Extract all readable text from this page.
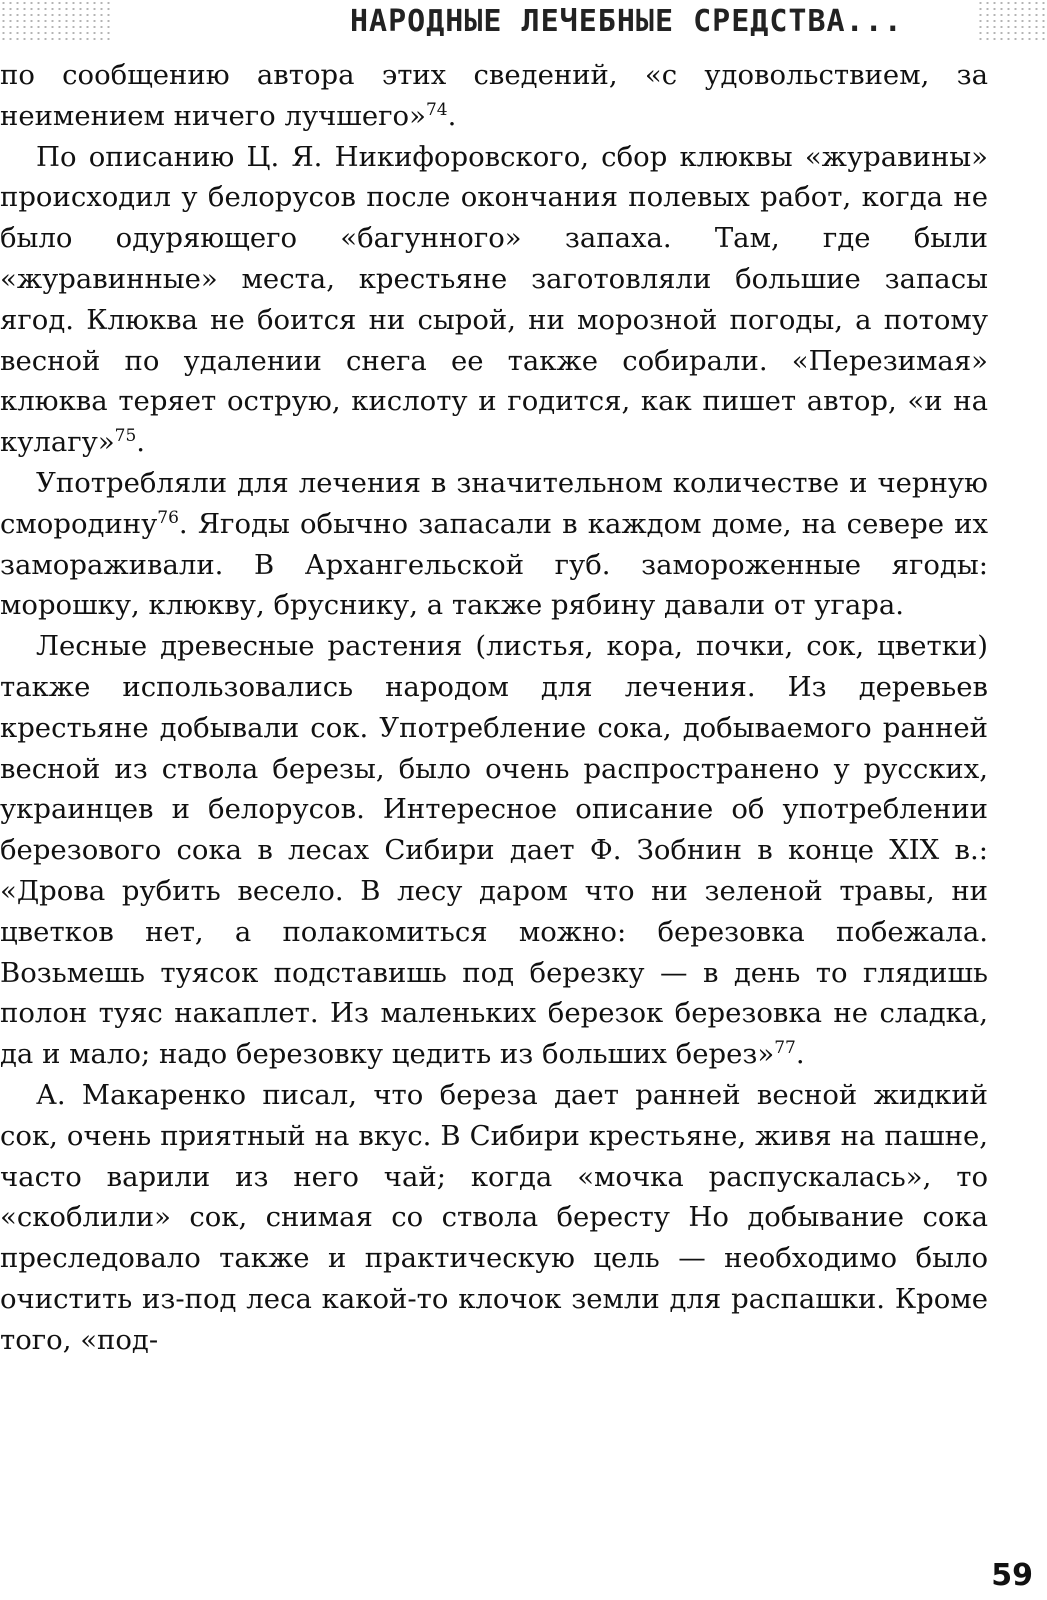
НАРОДНЫЕ ЛЕЧЕБНЫЕ СРЕДСТВА...

по сообщению автора этих сведений, «с удовольствием, за неимением ничего лучшего»$^{74}$.

По описанию Ц. Я. Никифоровского, сбор клюквы «журавины» происходил у белорусов после окончания полевых работ, когда не было одуряющего «багунного» запаха. Там, где были «журавинные» места, крестьяне заготовляли большие запасы ягод. Клюква не боится ни сырой, ни морозной погоды, а потому весной по удалении снега ее также собирали. «Перезимая» клюква теряет острую, кислоту и годится, как пишет автор, «и на кулагу»$^{75}$.

Употребляли для лечения в значительном количестве и черную смородину$^{76}$. Ягоды обычно запасали в каждом доме, на севере их замораживали. В Архангельской губ. замороженные ягоды: морошку, клюкву, бруснику, а также рябину давали от угара.

Лесные древесные растения (листья, кора, почки, сок, цветки) также использовались народом для лечения. Из деревьев крестьяне добывали сок. Употребление сока, добываемого ранней весной из ствола березы, было очень распространено у русских, украинцев и белорусов. Интересное описание об употреблении березового сока в лесах Сибири дает Ф. Зобнин в конце XIX в.: «Дрова рубить весело. В лесу даром что ни зеленой травы, ни цветков нет, а полакомиться можно: березовка побежала. Возьмешь туясок подставишь под березку — в день то глядишь полон туяс накаплет. Из маленьких березок березовка не сладка, да и мало; надо березовку цедить из больших берез»$^{77}$.

А. Макаренко писал, что береза дает ранней весной жидкий сок, очень приятный на вкус. В Сибири крестьяне, живя на пашне, часто варили из него чай; когда «мочка распускалась», то «скоблили» сок, снимая со ствола бересту Но добывание сока преследовало также и практическую цель — необходимо было очистить из-под леса какой-то клочок земли для распашки. Кроме того, «под-

59
